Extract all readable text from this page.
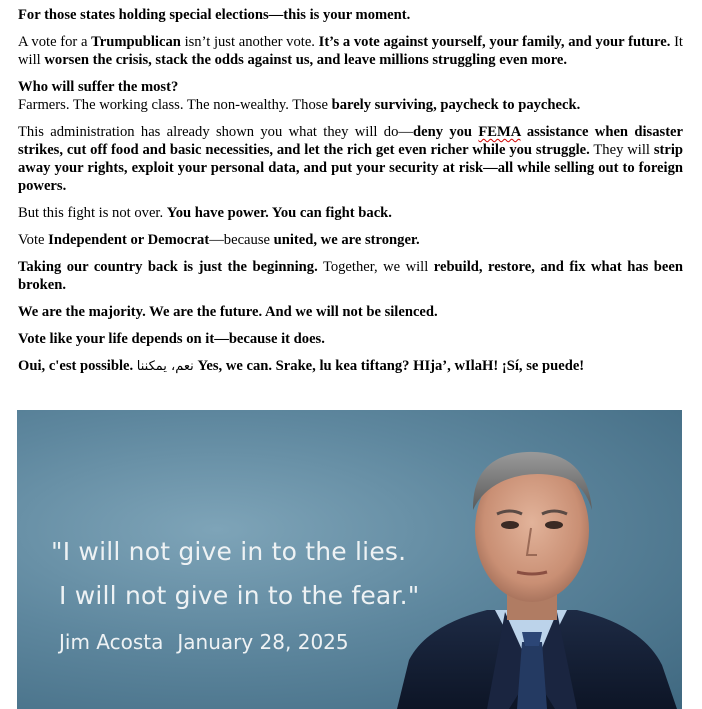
For those states holding special elections—this is your moment.

A vote for a Trumpublican isn’t just another vote. It’s a vote against yourself, your family, and your future. It will worsen the crisis, stack the odds against us, and leave millions struggling even more.

Who will suffer the most?
Farmers. The working class. The non-wealthy. Those barely surviving, paycheck to paycheck.

This administration has already shown you what they will do—deny you FEMA assistance when disaster strikes, cut off food and basic necessities, and let the rich get even richer while you struggle. They will strip away your rights, exploit your personal data, and put your security at risk—all while selling out to foreign powers.

But this fight is not over. You have power. You can fight back.

Vote Independent or Democrat—because united, we are stronger.

Taking our country back is just the beginning. Together, we will rebuild, restore, and fix what has been broken.

We are the majority. We are the future. And we will not be silenced.

Vote like your life depends on it—because it does.

Oui, c'est possible. نعم، يمكننا Yes, we can. Srake, lu kea tiftang? HIja’, wIlaH! ¡Sí, se puede!

"I will not give in to the lies.
I will not give in to the fear."
Jim Acosta January 28, 2025
